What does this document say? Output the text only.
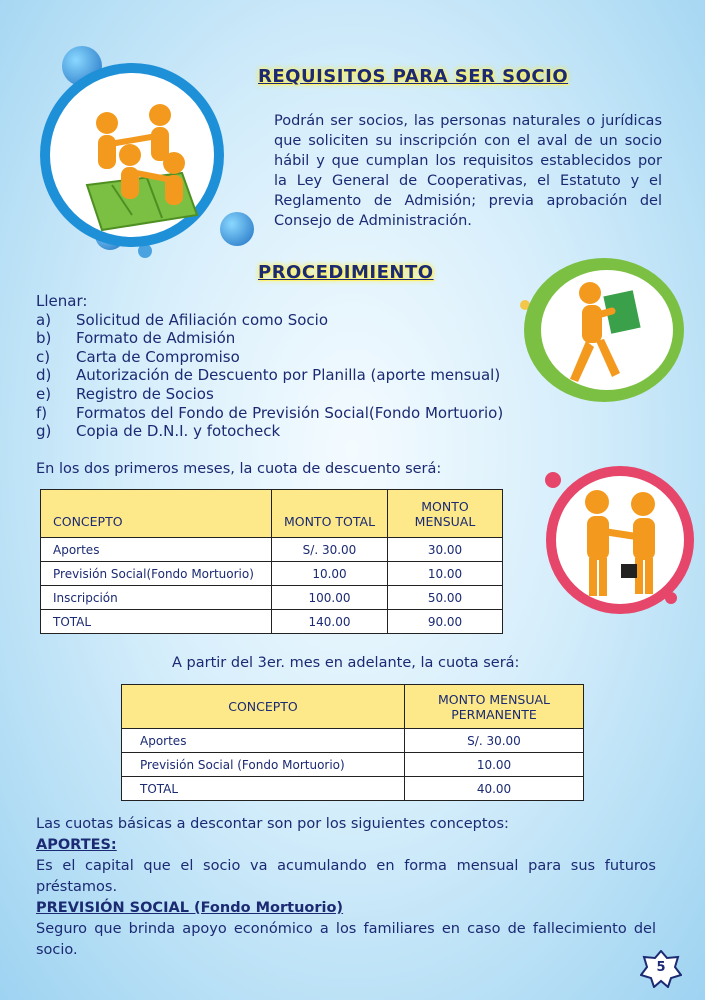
REQUISITOS PARA SER SOCIO
Podrán ser socios, las personas naturales o jurídicas que soliciten su inscripción con el aval de un socio hábil y que cumplan los requisitos establecidos por la Ley General de Cooperativas, el Estatuto y el Reglamento de Admisión; previa aprobación del Consejo de Administración.
PROCEDIMIENTO
Llenar:
a)	Solicitud de Afiliación como Socio
b)	Formato de Admisión
c)	Carta de Compromiso
d)	Autorización de Descuento por Planilla (aporte mensual)
e)	Registro de Socios
f)	Formatos del Fondo de Previsión Social(Fondo Mortuorio)
g)	Copia de D.N.I. y fotocheck
En los dos primeros meses, la cuota de descuento será:
CONCEPTO	MONTO TOTAL	MONTO MENSUAL
Aportes	S/. 30.00	30.00
Previsión Social(Fondo Mortuorio)	10.00	10.00
Inscripción	100.00	50.00
TOTAL	140.00	90.00
A partir del 3er. mes en adelante, la cuota será:
CONCEPTO	MONTO MENSUAL PERMANENTE
Aportes	S/. 30.00
Previsión Social (Fondo Mortuorio)	10.00
TOTAL	40.00
Las cuotas básicas a descontar son por los siguientes conceptos:
APORTES:
Es el capital que el socio va acumulando en forma mensual para sus futuros préstamos.
PREVISIÓN SOCIAL (Fondo Mortuorio)
Seguro que brinda apoyo económico a los familiares en caso de fallecimiento del socio.
5
